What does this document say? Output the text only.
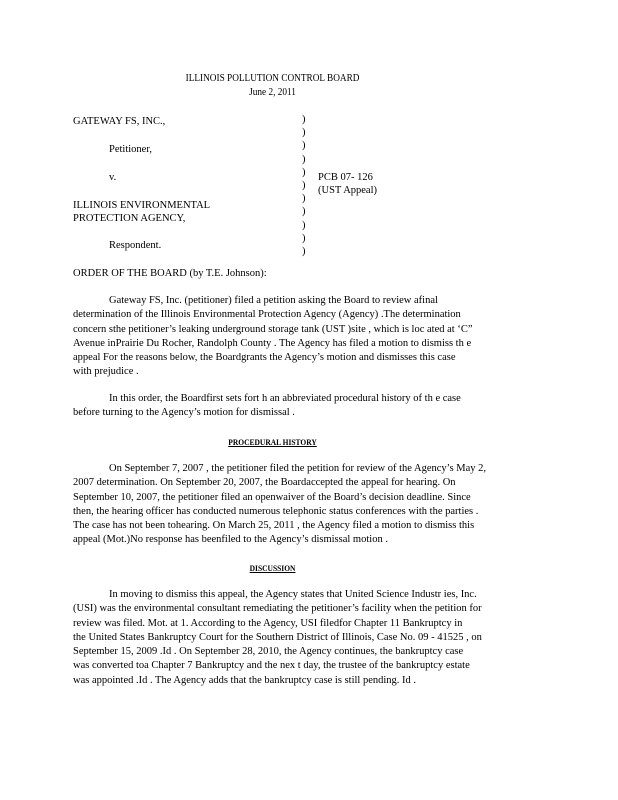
ILLINOIS POLLUTION CONTROL BOARD
June 2, 2011
GATEWAY FS, INC.,
Petitioner,
v.
ILLINOIS ENVIRONMENTAL
PROTECTION AGENCY,
Respondent.
)
)
)
)
)
)
)
)
)
)
)
PCB 07- 126
(UST Appeal)
ORDER OF THE BOARD (by T.E. Johnson):
Gateway FS, Inc. (petitioner) filed a petition asking the Board to review afinal
determination of the Illinois Environmental Protection Agency (Agency) .The determination
concern sthe petitioner’s leaking underground storage tank (UST )site , which is loc ated at ‘C”
Avenue inPrairie Du Rocher, Randolph County . The Agency has filed a motion to dismiss th e
appeal For the reasons below, the Boardgrants the Agency’s motion and dismisses this case
with prejudice .
In this order, the Boardfirst sets fort h an abbreviated procedural history of th e case
before turning to the Agency’s motion for dismissal .
PROCEDURAL HISTORY
On September 7, 2007 , the petitioner filed the petition for review of the Agency’s May 2,
2007 determination. On September 20, 2007, the Boardaccepted the appeal for hearing. On
September 10, 2007, the petitioner filed an openwaiver of the Board’s decision deadline. Since
then, the hearing officer has conducted numerous telephonic status conferences with the parties .
The case has not been tohearing. On March 25, 2011 , the Agency filed a motion to dismiss this
appeal (Mot.)No response has beenfiled to the Agency’s dismissal motion .
DISCUSSION
In moving to dismiss this appeal, the Agency states that United Science Industr ies, Inc.
(USI) was the environmental consultant remediating the petitioner’s facility when the petition for
review was filed. Mot. at 1. According to the Agency, USI filedfor Chapter 11 Bankruptcy in
the United States Bankruptcy Court for the Southern District of Illinois, Case No. 09 - 41525 , on
September 15, 2009 .Id . On September 28, 2010, the Agency continues, the bankruptcy case
was converted toa Chapter 7 Bankruptcy and the nex t day, the trustee of the bankruptcy estate
was appointed .Id . The Agency adds that the bankruptcy case is still pending. Id .
